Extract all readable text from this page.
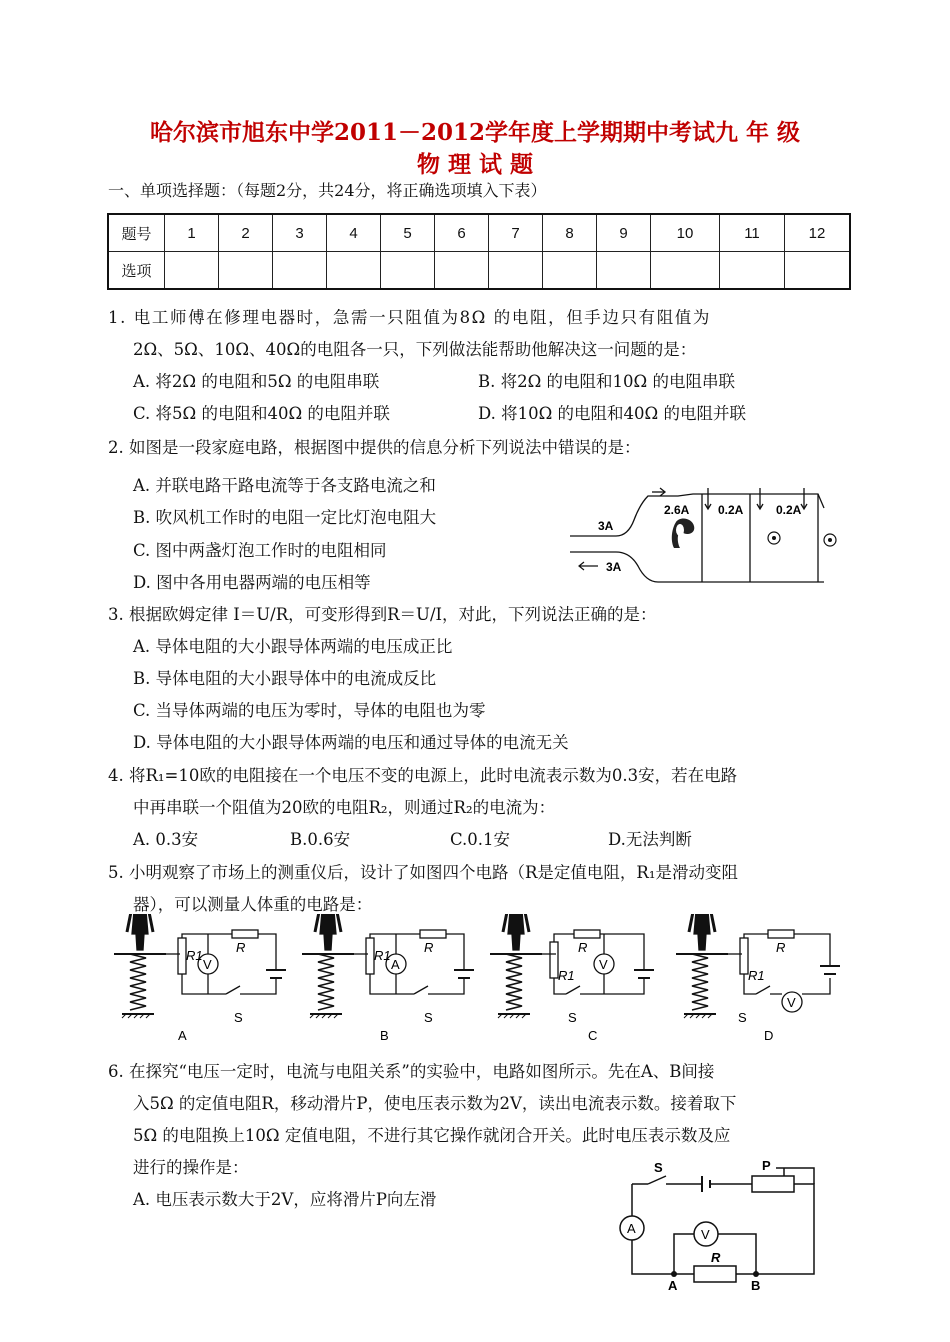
哈尔滨市旭东中学2011－2012学年度上学期期中考试九 年 级
物 理 试 题
一、单项选择题：（每题2分，共24分，将正确选项填入下表）
题号	1	2	3	4	5	6	7	8	9	10	11	12
选项												
1. 电工师傅在修理电器时，急需一只阻值为8Ω 的电阻，但手边只有阻值为
2Ω、5Ω、10Ω、40Ω的电阻各一只，下列做法能帮助他解决这一问题的是：
A. 将2Ω 的电阻和5Ω 的电阻串联	B. 将2Ω 的电阻和10Ω 的电阻串联
C. 将5Ω 的电阻和40Ω 的电阻并联	D. 将10Ω 的电阻和40Ω 的电阻并联
2. 如图是一段家庭电路，根据图中提供的信息分析下列说法中错误的是：
A. 并联电路干路电流等于各支路电流之和
B. 吹风机工作时的电阻一定比灯泡电阻大
C. 图中两盏灯泡工作时的电阻相同
D. 图中各用电器两端的电压相等
3A
3A
2.6A 0.2A	0.2A
3. 根据欧姆定律 I＝U/R，可变形得到R＝U/I，对此，下列说法正确的是：
A. 导体电阻的大小跟导体两端的电压成正比
B. 导体电阻的大小跟导体中的电流成反比
C. 当导体两端的电压为零时，导体的电阻也为零
D. 导体电阻的大小跟导体两端的电压和通过导体的电流无关
4. 将R₁=10欧的电阻接在一个电压不变的电源上，此时电流表示数为0.3安，若在电路
中再串联一个阻值为20欧的电阻R₂，则通过R₂的电流为：
A. 0.3安	B.0.6安	C.0.1安	D.无法判断
5. 小明观察了市场上的测重仪后，设计了如图四个电路（R是定值电阻，R₁是滑动变阻
器），可以测量人体重的电路是：
R1
R
R1
R
R1
R
R1
R
V	A	V
V
S	S	S	S
A	B	C	D
6. 在探究“电压一定时，电流与电阻关系”的实验中，电路如图所示。先在A、B间接
入5Ω 的定值电阻R，移动滑片P，使电压表示数为2V，读出电流表示数。接着取下
5Ω 的电阻换上10Ω 定值电阻，不进行其它操作就闭合开关。此时电压表示数及应
进行的操作是：
A. 电压表示数大于2V，应将滑片P向左滑
S	P
A	V
R
A	B
